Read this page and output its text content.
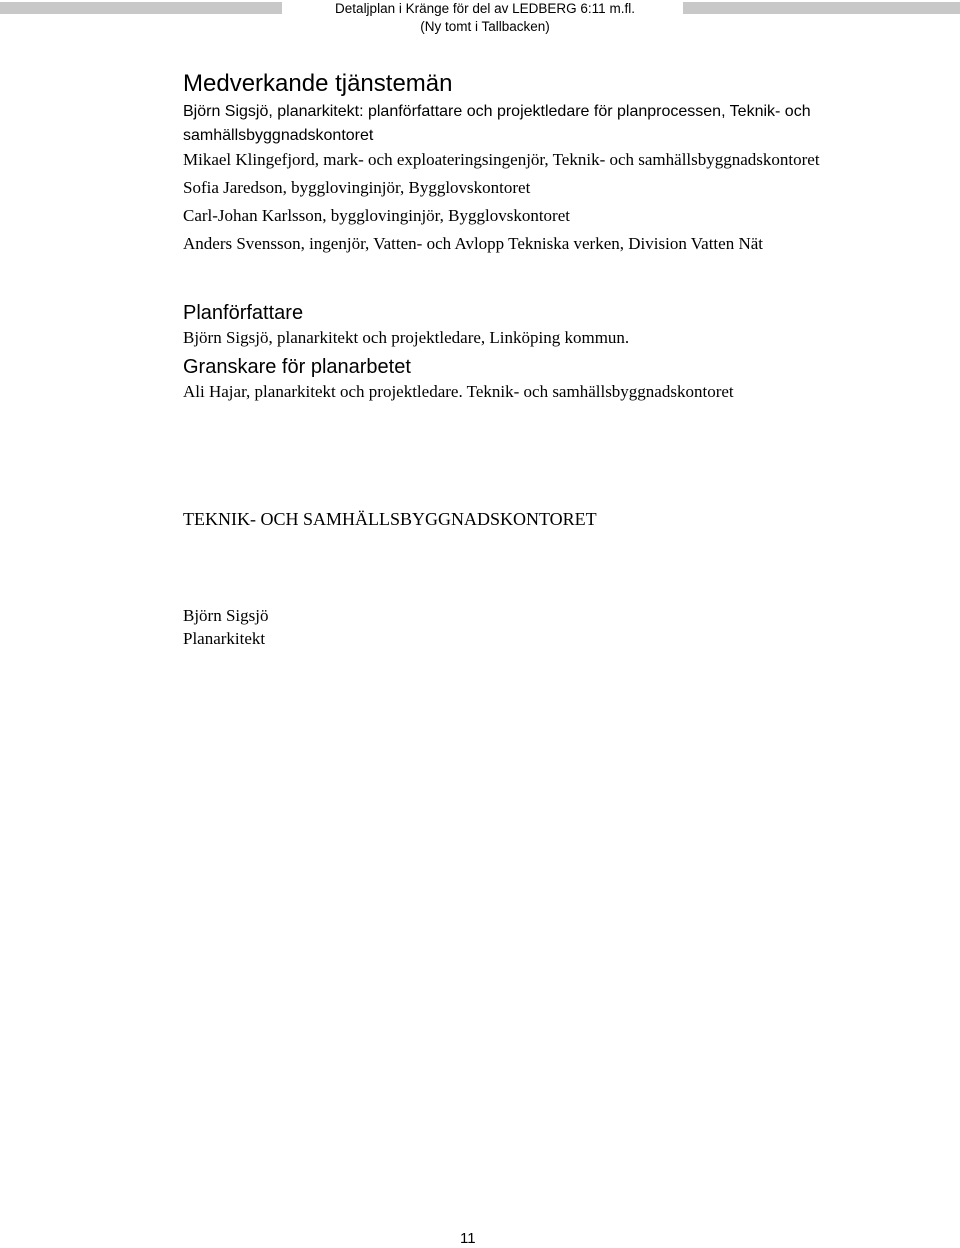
Detaljplan i Kränge för del av LEDBERG 6:11 m.fl.
(Ny tomt i Tallbacken)
Medverkande tjänstemän

Björn Sigsjö, planarkitekt: planförfattare och projektledare för planprocessen, Teknik- och samhällsbyggnadskontoret

Mikael Klingefjord, mark- och exploateringsingenjör, Teknik- och samhällsbyggnadskontoret

Sofia Jaredson, bygglovinginjör, Bygglovskontoret

Carl-Johan Karlsson, bygglovinginjör, Bygglovskontoret

Anders Svensson, ingenjör, Vatten- och Avlopp Tekniska verken, Division Vatten Nät

Planförfattare

Björn Sigsjö, planarkitekt och projektledare, Linköping kommun.

Granskare för planarbetet

Ali Hajar, planarkitekt och projektledare. Teknik- och samhällsbyggnadskontoret

TEKNIK- OCH SAMHÄLLSBYGGNADSKONTORET

Björn Sigsjö

Planarkitekt

11
